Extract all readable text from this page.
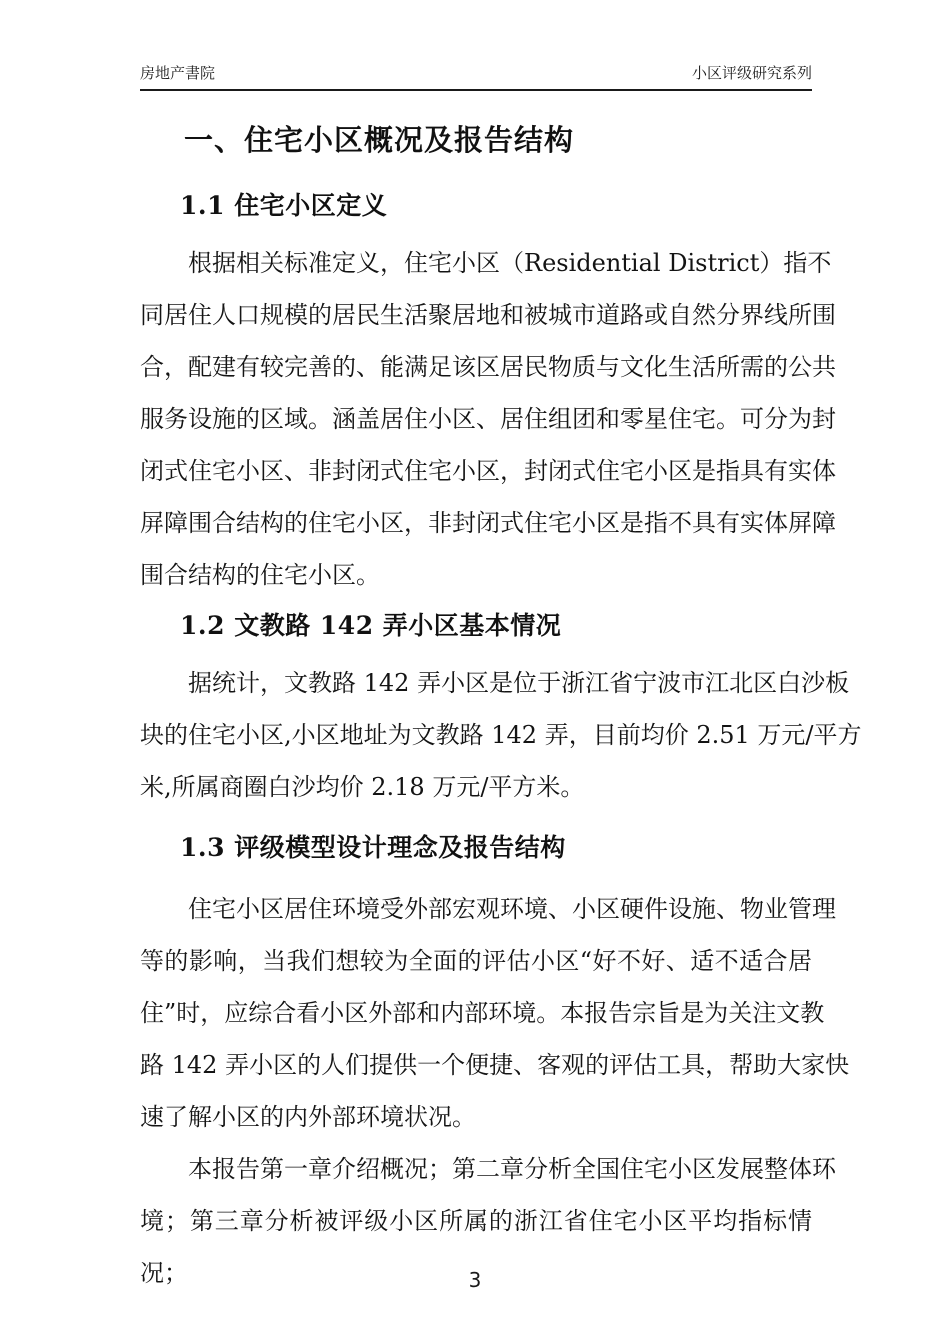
房地产書院	小区评级研究系列
一、住宅小区概况及报告结构
1.1 住宅小区定义
根据相关标准定义，住宅小区（Residential District）指不
同居住人口规模的居民生活聚居地和被城市道路或自然分界线所围
合，配建有较完善的、能满足该区居民物质与文化生活所需的公共
服务设施的区域。涵盖居住小区、居住组团和零星住宅。可分为封
闭式住宅小区、非封闭式住宅小区，封闭式住宅小区是指具有实体
屏障围合结构的住宅小区，非封闭式住宅小区是指不具有实体屏障
围合结构的住宅小区。
1.2 文教路 142 弄小区基本情况
据统计，文教路 142 弄小区是位于浙江省宁波市江北区白沙板
块的住宅小区,小区地址为文教路 142 弄，目前均价 2.51 万元/平方
米,所属商圈白沙均价 2.18 万元/平方米。
1.3 评级模型设计理念及报告结构
住宅小区居住环境受外部宏观环境、小区硬件设施、物业管理
等的影响，当我们想较为全面的评估小区“好不好、适不适合居
住”时，应综合看小区外部和内部环境。本报告宗旨是为关注文教
路 142 弄小区的人们提供一个便捷、客观的评估工具，帮助大家快
速了解小区的内外部环境状况。
本报告第一章介绍概况；第二章分析全国住宅小区发展整体环
境；第三章分析被评级小区所属的浙江省住宅小区平均指标情况；	3
